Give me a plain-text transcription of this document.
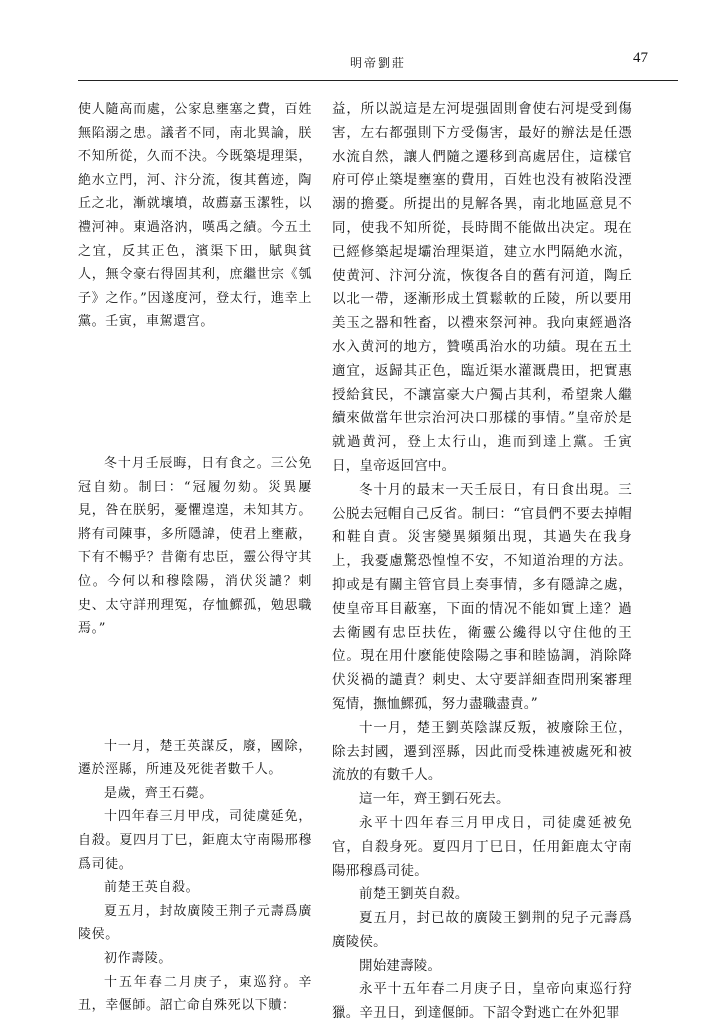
明帝劉莊	47

使人隨高而處，公家息壅塞之費，百姓無陷溺之患。議者不同，南北異論，朕不知所從，久而不決。今既築堤理渠，絶水立門，河、汴分流，復其舊迹，陶丘之北，漸就壤墳，故薦嘉玉潔牲，以禮河神。東過洛汭，嘆禹之績。今五土之宜，反其正色，濱渠下田，賦與貧人，無令豪右得固其利，庶繼世宗《瓠子》之作。”因遂度河，登太行，進幸上黨。壬寅，車駕還宫。

冬十月壬辰晦，日有食之。三公免冠自劾。制曰：“冠履勿劾。災異屢見，咎在朕躬，憂懼遑遑，未知其方。將有司陳事，多所隱諱，使君上壅蔽，下有不暢乎？昔衛有忠臣，靈公得守其位。今何以和穆陰陽，消伏災譴？刺史、太守詳刑理冤，存恤鰥孤，勉思職焉。”

十一月，楚王英謀反，廢，國除，遷於涇縣，所連及死徙者數千人。

是歲，齊王石薨。

十四年春三月甲戌，司徒虞延免，自殺。夏四月丁巳，鉅鹿太守南陽邢穆爲司徒。

前楚王英自殺。

夏五月，封故廣陵王荆子元壽爲廣陵侯。

初作壽陵。

十五年春二月庚子，東巡狩。辛丑，幸偃師。詔亡命自殊死以下贖：

益，所以説這是左河堤强固則會使右河堤受到傷害，左右都强則下方受傷害，最好的辦法是任憑水流自然，讓人們隨之遷移到高處居住，這樣官府可停止築堤壅塞的費用，百姓也没有被陷没湮溺的擔憂。所提出的見解各異，南北地區意見不同，使我不知所從，長時間不能做出决定。現在已經修築起堤壩治理渠道，建立水門隔絶水流，使黄河、汴河分流，恢復各自的舊有河道，陶丘以北一帶，逐漸形成土質鬆軟的丘陵，所以要用美玉之器和牲畜，以禮來祭河神。我向東經過洛水入黄河的地方，贊嘆禹治水的功績。現在五土適宜，返歸其正色，臨近渠水灌溉農田，把實惠授給貧民，不讓富豪大户獨占其利，希望衆人繼續來做當年世宗治河决口那樣的事情。”皇帝於是就過黄河，登上太行山，進而到達上黨。壬寅日，皇帝返回宫中。

冬十月的最末一天壬辰日，有日食出現。三公脱去冠帽自己反省。制曰：“官員們不要去掉帽和鞋自責。災害變異頻頻出現，其過失在我身上，我憂慮驚恐惶惶不安，不知道治理的方法。抑或是有關主管官員上奏事情，多有隱諱之處，使皇帝耳目蔽塞，下面的情况不能如實上達？過去衛國有忠臣扶佐，衛靈公纔得以守住他的王位。現在用什麽能使陰陽之事和睦協調，消除降伏災禍的譴責？刺史、太守要詳細查問刑案審理冤情，撫恤鰥孤，努力盡職盡責。”

十一月，楚王劉英陰謀反叛，被廢除王位，除去封國，遷到涇縣，因此而受株連被處死和被流放的有數千人。

這一年，齊王劉石死去。

永平十四年春三月甲戌日，司徒虞延被免官，自殺身死。夏四月丁巳日，任用鉅鹿太守南陽邢穆爲司徒。

前楚王劉英自殺。

夏五月，封已故的廣陵王劉荆的兒子元壽爲廣陵侯。

開始建壽陵。

永平十五年春二月庚子日，皇帝向東巡行狩獵。辛丑日，到達偃師。下詔令對逃亡在外犯罪
